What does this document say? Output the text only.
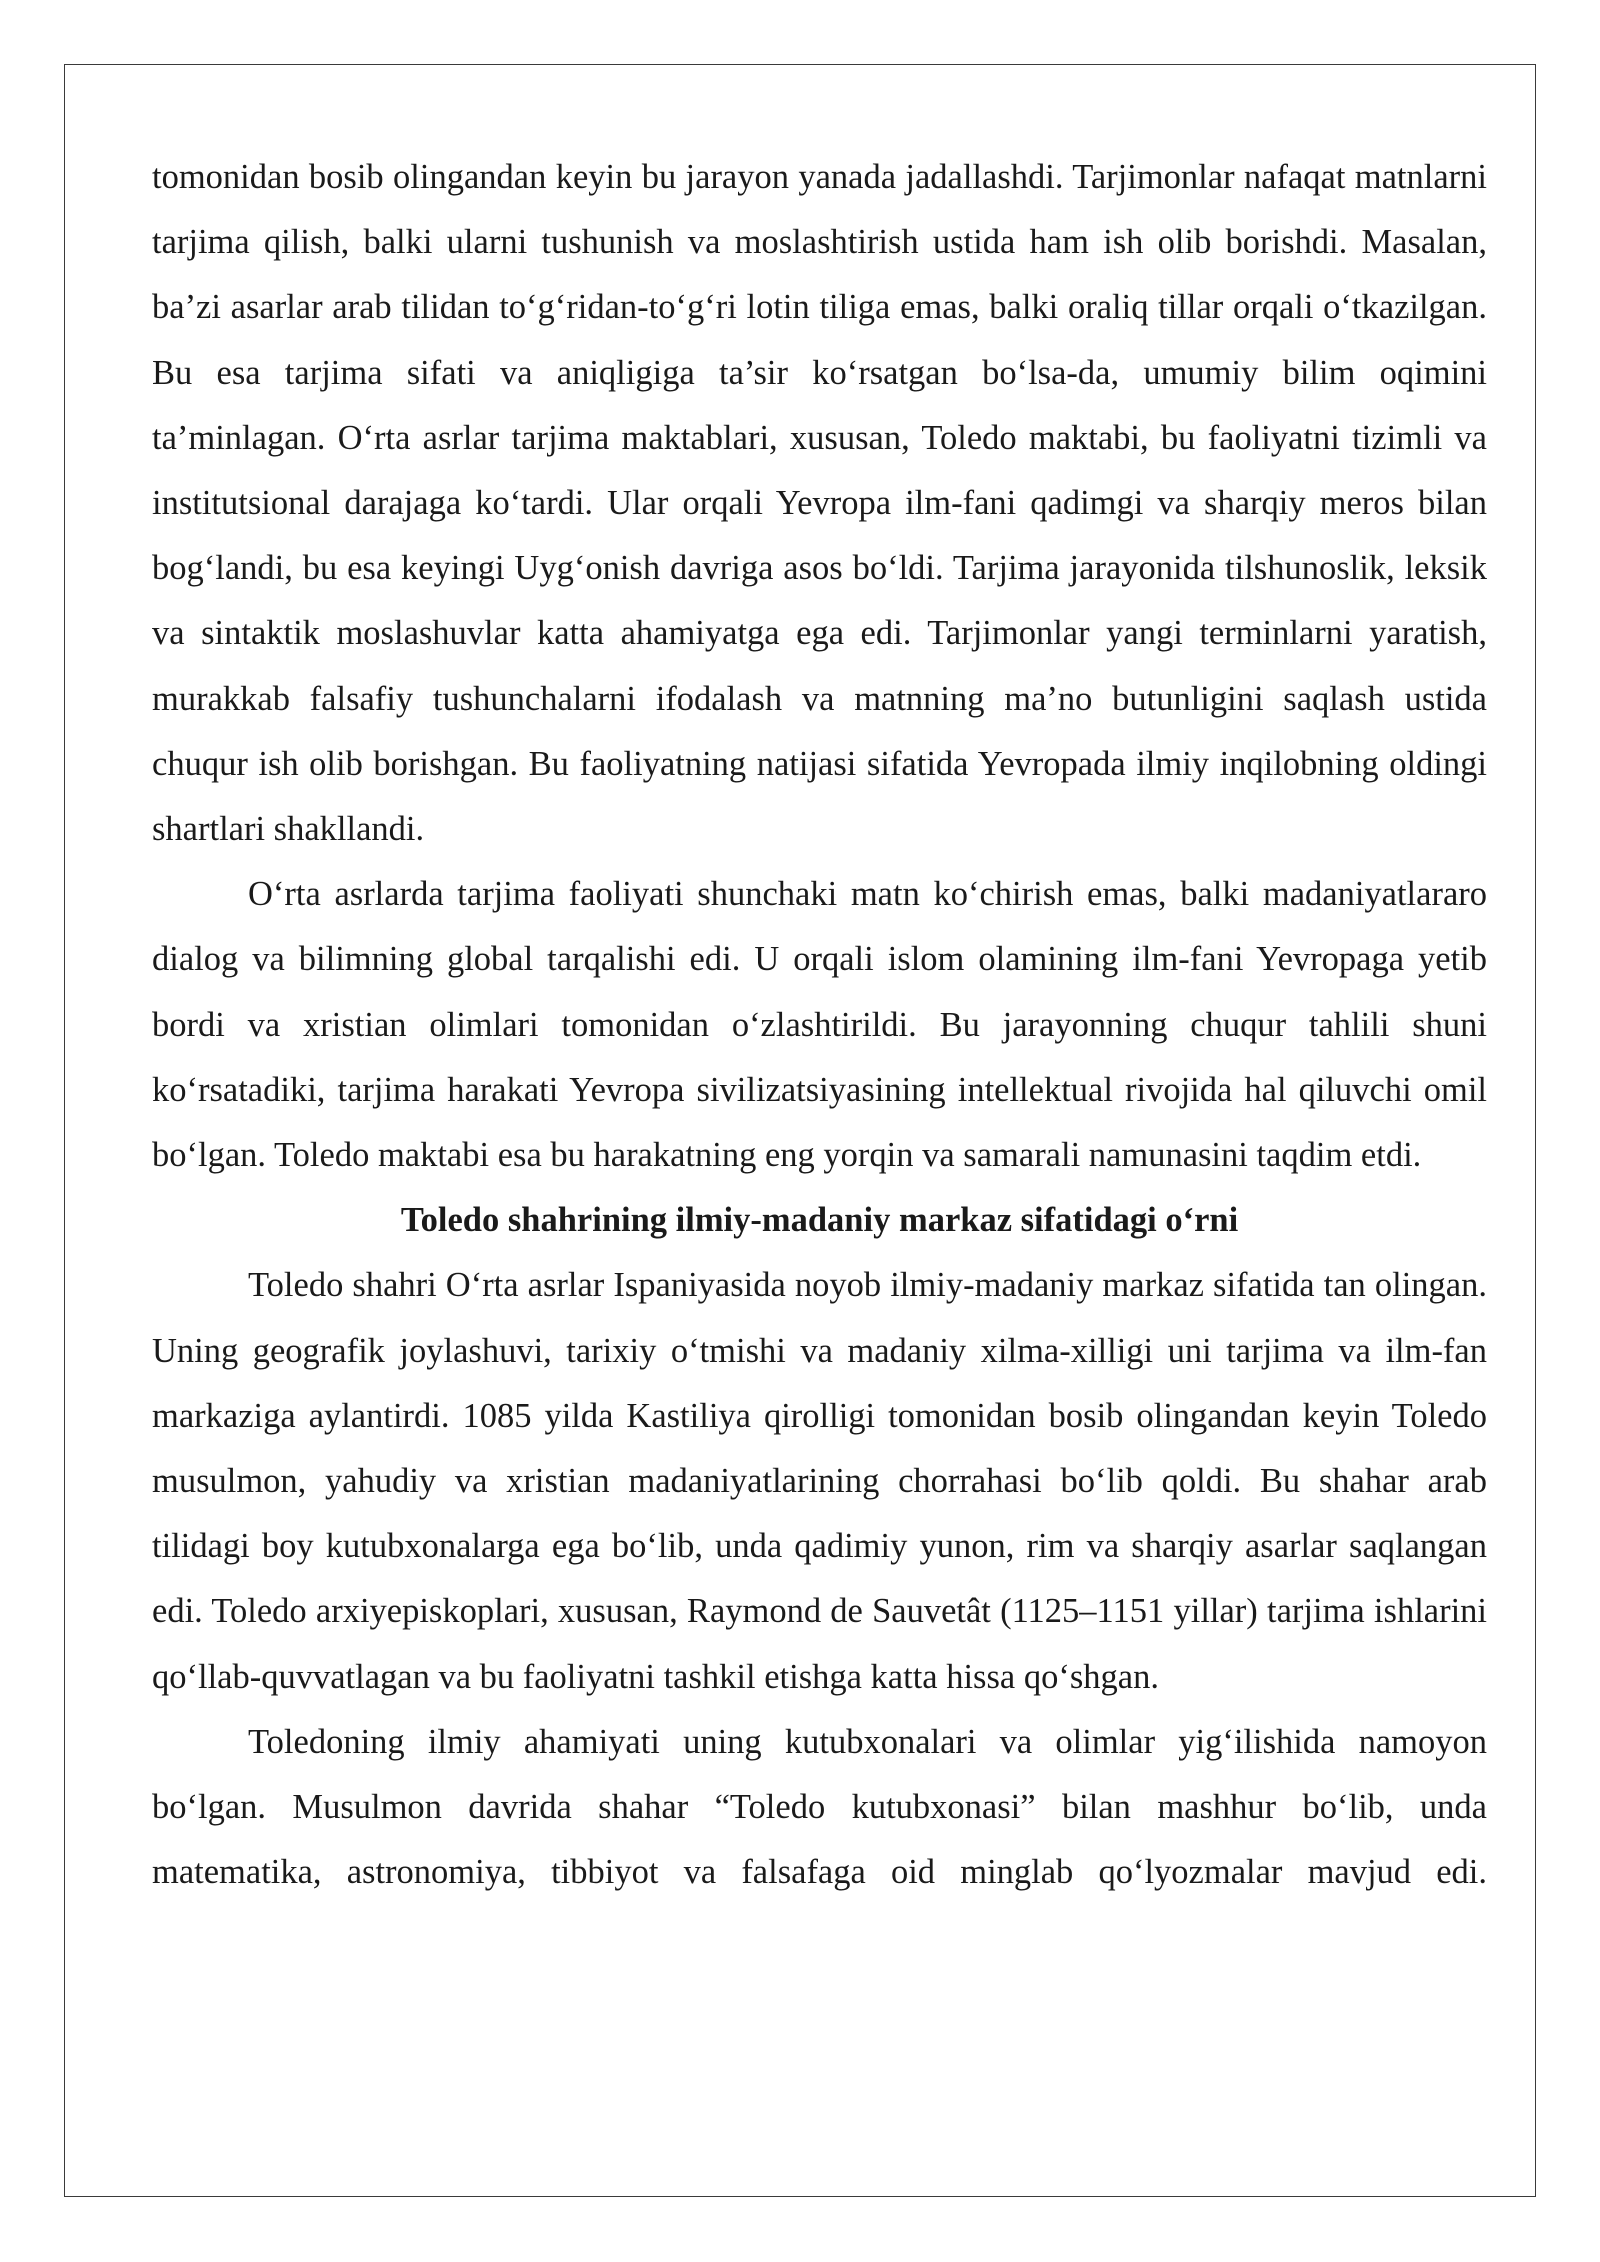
tomonidan bosib olingandan keyin bu jarayon yanada jadallashdi. Tarjimonlar nafaqat matnlarni tarjima qilish, balki ularni tushunish va moslashtirish ustida ham ish olib borishdi. Masalan, ba’zi asarlar arab tilidan to‘g‘ridan-to‘g‘ri lotin tiliga emas, balki oraliq tillar orqali o‘tkazilgan. Bu esa tarjima sifati va aniqligiga ta’sir ko‘rsatgan bo‘lsa-da, umumiy bilim oqimini ta’minlagan. O‘rta asrlar tarjima maktablari, xususan, Toledo maktabi, bu faoliyatni tizimli va institutsional darajaga ko‘tardi. Ular orqali Yevropa ilm-fani qadimgi va sharqiy meros bilan bog‘landi, bu esa keyingi Uyg‘onish davriga asos bo‘ldi. Tarjima jarayonida tilshunoslik, leksik va sintaktik moslashuvlar katta ahamiyatga ega edi. Tarjimonlar yangi terminlarni yaratish, murakkab falsafiy tushunchalarni ifodalash va matnning ma’no butunligini saqlash ustida chuqur ish olib borishgan. Bu faoliyatning natijasi sifatida Yevropada ilmiy inqilobning oldingi shartlari shakllandi.

O‘rta asrlarda tarjima faoliyati shunchaki matn ko‘chirish emas, balki madaniyatlararo dialog va bilimning global tarqalishi edi. U orqali islom olamining ilm-fani Yevropaga yetib bordi va xristian olimlari tomonidan o‘zlashtirildi. Bu jarayonning chuqur tahlili shuni ko‘rsatadiki, tarjima harakati Yevropa sivilizatsiyasining intellektual rivojida hal qiluvchi omil bo‘lgan. Toledo maktabi esa bu harakatning eng yorqin va samarali namunasini taqdim etdi.

Toledo shahrining ilmiy-madaniy markaz sifatidagi o‘rni

Toledo shahri O‘rta asrlar Ispaniyasida noyob ilmiy-madaniy markaz sifatida tan olingan. Uning geografik joylashuvi, tarixiy o‘tmishi va madaniy xilma-xilligi uni tarjima va ilm-fan markaziga aylantirdi. 1085 yilda Kastiliya qirolligi tomonidan bosib olingandan keyin Toledo musulmon, yahudiy va xristian madaniyatlarining chorrahasi bo‘lib qoldi. Bu shahar arab tilidagi boy kutubxonalarga ega bo‘lib, unda qadimiy yunon, rim va sharqiy asarlar saqlangan edi. Toledo arxiyepiskoplari, xususan, Raymond de Sauvetât (1125–1151 yillar) tarjima ishlarini qo‘llab-quvvatlagan va bu faoliyatni tashkil etishga katta hissa qo‘shgan.

Toledoning ilmiy ahamiyati uning kutubxonalari va olimlar yig‘ilishida namoyon bo‘lgan. Musulmon davrida shahar “Toledo kutubxonasi” bilan mashhur bo‘lib, unda matematika, astronomiya, tibbiyot va falsafaga oid minglab qo‘lyozmalar mavjud edi.
